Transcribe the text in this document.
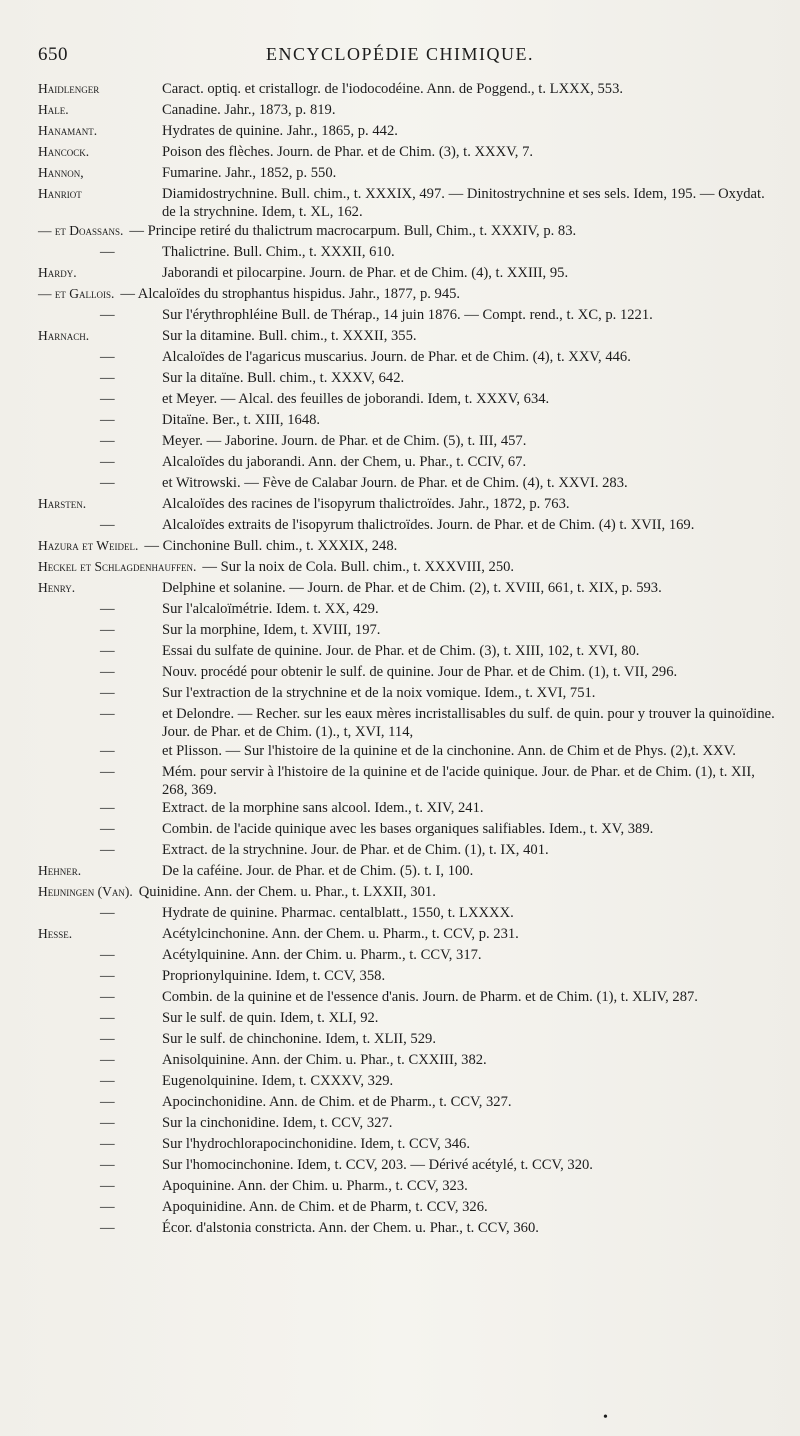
650	ENCYCLOPÉDIE CHIMIQUE.
Haidlenger	Caract. optiq. et cristallogr. de l'iodocodéine. Ann. de Poggend., t. LXXX, 553.
Hale.	Canadine. Jahr., 1873, p. 819.
Hanamant.	Hydrates de quinine. Jahr., 1865, p. 442.
Hancock.	Poison des flèches. Journ. de Phar. et de Chim. (3), t. XXXV, 7.
Hannon,	Fumarine. Jahr., 1852, p. 550.
Hanriot	Diamidostrychnine. Bull. chim., t. XXXIX, 497. — Dinitostrychnine et ses sels. Idem, 195. — Oxydat. de la strychnine. Idem, t. XL, 162.
— et Doassans. — Principe retiré du thalictrum macrocarpum. Bull, Chim., t. XXXIV, p. 83.
—	Thalictrine. Bull. Chim., t. XXXII, 610.
Hardy.	Jaborandi et pilocarpine. Journ. de Phar. et de Chim. (4), t. XXIII, 95.
— et Gallois. — Alcaloïdes du strophantus hispidus. Jahr., 1877, p. 945.
—	Sur l'érythrophléine Bull. de Thérap., 14 juin 1876. — Compt. rend., t. XC, p. 1221.
Harnach.	Sur la ditamine. Bull. chim., t. XXXII, 355.
—	Alcaloïdes de l'agaricus muscarius. Journ. de Phar. et de Chim. (4), t. XXV, 446.
—	Sur la ditaïne. Bull. chim., t. XXXV, 642.
—	et Meyer. — Alcal. des feuilles de joborandi. Idem, t. XXXV, 634.
—	Ditaïne. Ber., t. XIII, 1648.
—	Meyer. — Jaborine. Journ. de Phar. et de Chim. (5), t. III, 457.
—	Alcaloïdes du jaborandi. Ann. der Chem, u. Phar., t. CCIV, 67.
—	et Witrowski. — Fève de Calabar Journ. de Phar. et de Chim. (4), t. XXVI. 283.
Harsten.	Alcaloïdes des racines de l'isopyrum thalictroïdes. Jahr., 1872, p. 763.
—	Alcaloïdes extraits de l'isopyrum thalictroïdes. Journ. de Phar. et de Chim. (4) t. XVII, 169.
Hazura et Weidel. — Cinchonine Bull. chim., t. XXXIX, 248.
Heckel et Schlagdenhauffen. — Sur la noix de Cola. Bull. chim., t. XXXVIII, 250.
Henry.	Delphine et solanine. — Journ. de Phar. et de Chim. (2), t. XVIII, 661, t. XIX, p. 593.
—	Sur l'alcaloïmétrie. Idem. t. XX, 429.
—	Sur la morphine, Idem, t. XVIII, 197.
—	Essai du sulfate de quinine. Jour. de Phar. et de Chim. (3), t. XIII, 102, t. XVI, 80.
—	Nouv. procédé pour obtenir le sulf. de quinine. Jour de Phar. et de Chim. (1), t. VII, 296.
—	Sur l'extraction de la strychnine et de la noix vomique. Idem., t. XVI, 751.
—	et Delondre. — Recher. sur les eaux mères incristallisables du sulf. de quin. pour y trouver la quinoïdine. Jour. de Phar. et de Chim. (1)., t, XVI, 114,
—	et Plisson. — Sur l'histoire de la quinine et de la cinchonine. Ann. de Chim et de Phys. (2),t. XXV.
—	Mém. pour servir à l'histoire de la quinine et de l'acide quinique. Jour. de Phar. et de Chim. (1), t. XII, 268, 369.
—	Extract. de la morphine sans alcool. Idem., t. XIV, 241.
—	Combin. de l'acide quinique avec les bases organiques salifiables. Idem., t. XV, 389.
—	Extract. de la strychnine. Jour. de Phar. et de Chim. (1), t. IX, 401.
Hehner.	De la caféine. Jour. de Phar. et de Chim. (5). t. I, 100.
Heijningen (Van). Quinidine. Ann. der Chem. u. Phar., t. LXXII, 301.
—	Hydrate de quinine. Pharmac. centalblatt., 1550, t. LXXXX.
Hesse.	Acétylcinchonine. Ann. der Chem. u. Pharm., t. CCV, p. 231.
—	Acétylquinine. Ann. der Chim. u. Pharm., t. CCV, 317.
—	Proprionylquinine. Idem, t. CCV, 358.
—	Combin. de la quinine et de l'essence d'anis. Journ. de Pharm. et de Chim. (1), t. XLIV, 287.
—	Sur le sulf. de quin. Idem, t. XLI, 92.
—	Sur le sulf. de chinchonine. Idem, t. XLII, 529.
—	Anisolquinine. Ann. der Chim. u. Phar., t. CXXIII, 382.
—	Eugenolquinine. Idem, t. CXXXV, 329.
—	Apocinchonidine. Ann. de Chim. et de Pharm., t. CCV, 327.
—	Sur la cinchonidine. Idem, t. CCV, 327.
—	Sur l'hydrochlorapocinchonidine. Idem, t. CCV, 346.
—	Sur l'homocinchonine. Idem, t. CCV, 203. — Dérivé acétylé, t. CCV, 320.
—	Apoquinine. Ann. der Chim. u. Pharm., t. CCV, 323.
—	Apoquinidine. Ann. de Chim. et de Pharm, t. CCV, 326.
—	Écor. d'alstonia constricta. Ann. der Chem. u. Phar., t. CCV, 360.
•
